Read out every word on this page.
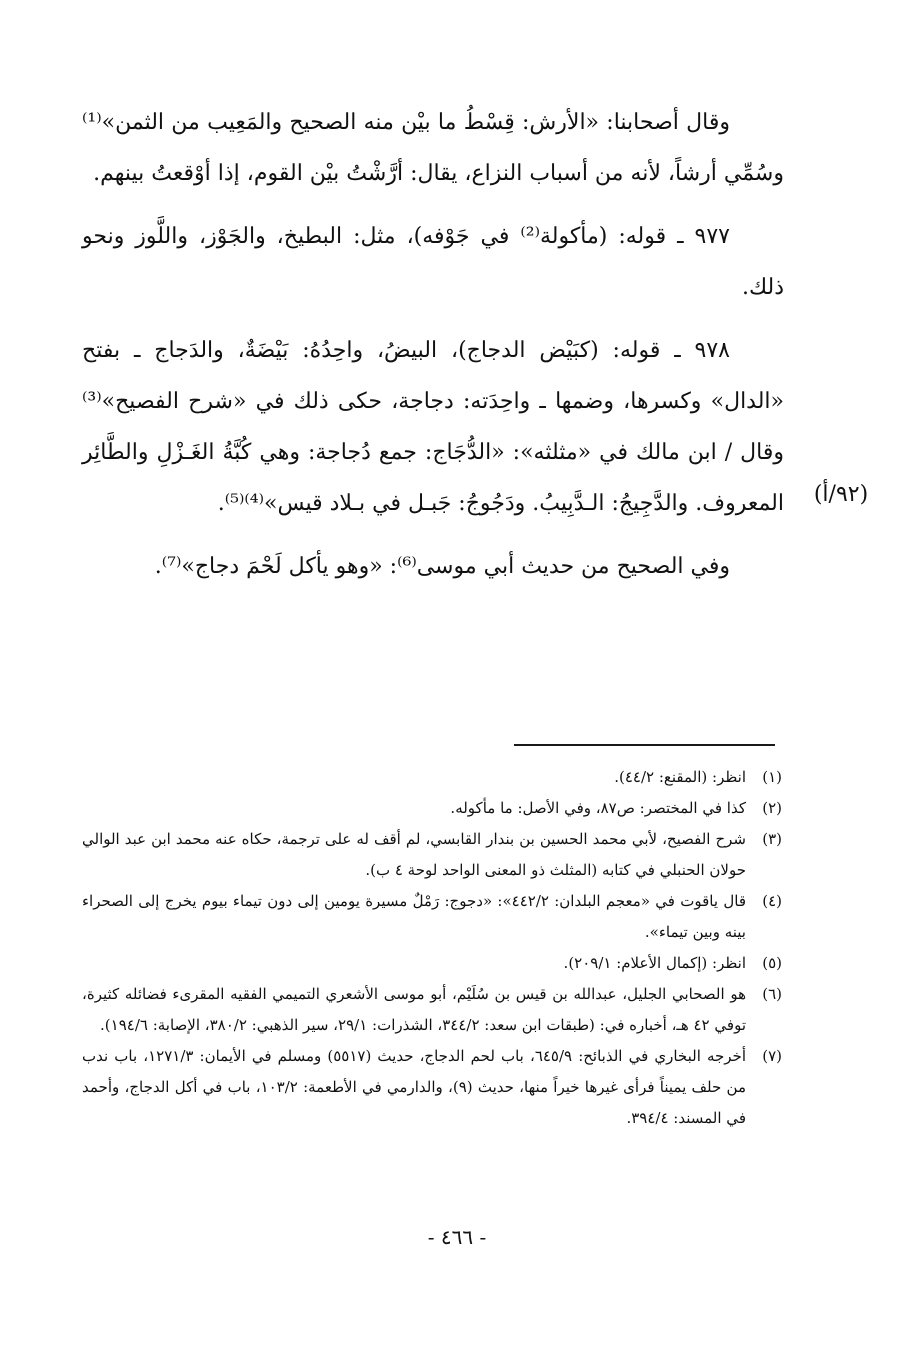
وقال أصحابنا: «الأرش: قِسْطُ ما بيْن منه الصحيح والمَعِيب من الثمن»⁽¹⁾ وسُمِّي أرشاً، لأنه من أسباب النزاع، يقال: أرَّشْتُ بيْن القوم، إذا أوْقعتُ بينهم.

٩٧٧ ـ قوله: (مأكولة⁽²⁾ في جَوْفه)، مثل: البطيخ، والجَوْز، واللَّوز ونحو ذلك.

٩٧٨ ـ قوله: (كبَيْض الدجاج)، البيضُ، واحِدُهُ: بَيْضَةٌ، والدَجاج ـ بفتح «الدال» وكسرها، وضمها ـ واحِدَته: دجاجة، حكى ذلك في «شرح الفصيح»⁽³⁾ وقال / ابن مالك في «مثلثه»: «الدُّجَاج: جمع دُجاجة: وهي كُبَّةُ الغَـزْلِ والطَّائِر المعروف. والدَّجِيجُ: الـدَّبِيبُ. ودَجُوجُ: جَبـل في بـلاد قيس»⁽⁴⁾⁽⁵⁾.

وفي الصحيح من حديث أبي موسى⁽⁶⁾: «وهو يأكل لَحْمَ دجاج»⁽⁷⁾.

(٩٢/أ)
(١)
انظر: (المقنع: ٤٤/٢).
(٢)
كذا في المختصر: ص٨٧، وفي الأصل: ما مأكوله.
(٣)
شرح الفصيح، لأبي محمد الحسين بن بندار القابسي، لم أقف له على ترجمة، حكاه عنه محمد ابن عبد الوالي حولان الحنبلي في كتابه (المثلث ذو المعنى الواحد لوحة ٤ ب).
(٤)
قال ياقوت في «معجم البلدان: ٤٤٢/٢»: «دجوج: رَمْلٌ مسيرة يومين إلى دون تيماء بيوم يخرج إلى الصحراء بينه وبين تيماء».
(٥)
انظر: (إكمال الأعلام: ٢٠٩/١).
(٦)
هو الصحابي الجليل، عبدالله بن قيس بن سُلَيْم، أبو موسى الأشعري التميمي الفقيه المقرىء فضائله كثيرة، توفي ٤٢ هـ، أخباره في: (طبقات ابن سعد: ٣٤٤/٢، الشذرات: ٢٩/١، سير الذهبي: ٣٨٠/٢، الإصابة: ١٩٤/٦).
(٧)
أخرجه البخاري في الذبائح: ٦٤٥/٩، باب لحم الدجاج، حديث (٥٥١٧) ومسلم في الأيمان: ١٢٧١/٣، باب ندب من حلف يميناً فرأى غيرها خيراً منها، حديث (٩)، والدارمي في الأطعمة: ١٠٣/٢، باب في أكل الدجاج، وأحمد في المسند: ٣٩٤/٤.
- ٤٦٦ -
